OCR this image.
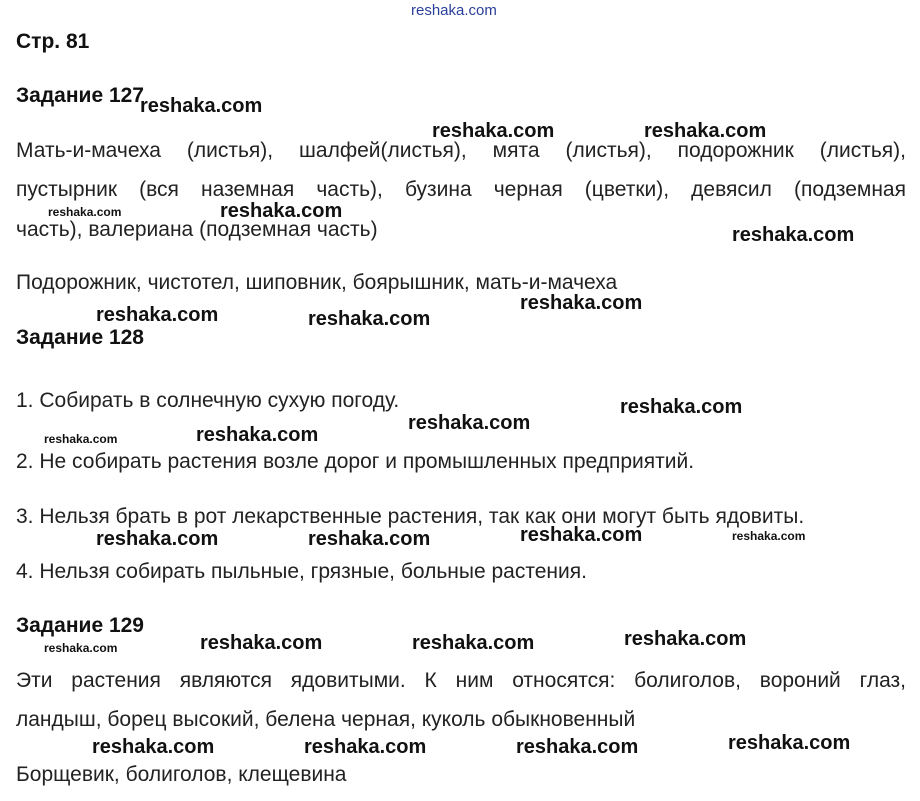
reshaka.com
Стр. 81
Задание 127
Мать-и-мачеха (листья), шалфей(листья), мята (листья), подорожник (листья),
пустырник (вся наземная часть), бузина черная (цветки), девясил (подземная
часть), валериана (подземная часть)
Подорожник, чистотел, шиповник, боярышник, мать-и-мачеха
Задание 128
1. Собирать в солнечную сухую погоду.
2. Не собирать растения возле дорог и промышленных предприятий.
3. Нельзя брать в рот лекарственные растения, так как они могут быть ядовиты.
4. Нельзя собирать пыльные, грязные, больные растения.
Задание 129
Эти растения являются ядовитыми. К ним относятся: болиголов, вороний глаз,
ландыш, борец высокий, белена черная, куколь обыкновенный
Борщевик, болиголов, клещевина
reshaka.com
reshaka.com	reshaka.com
reshaka.com	reshaka.com
reshaka.com
reshaka.com
reshaka.com	reshaka.com
reshaka.com
reshaka.com
reshaka.com	reshaka.com
reshaka.com	reshaka.com
reshaka.com	reshaka.com
reshaka.com
reshaka.com	reshaka.com
reshaka.com
reshaka.com
reshaka.com	reshaka.com	reshaka.com
